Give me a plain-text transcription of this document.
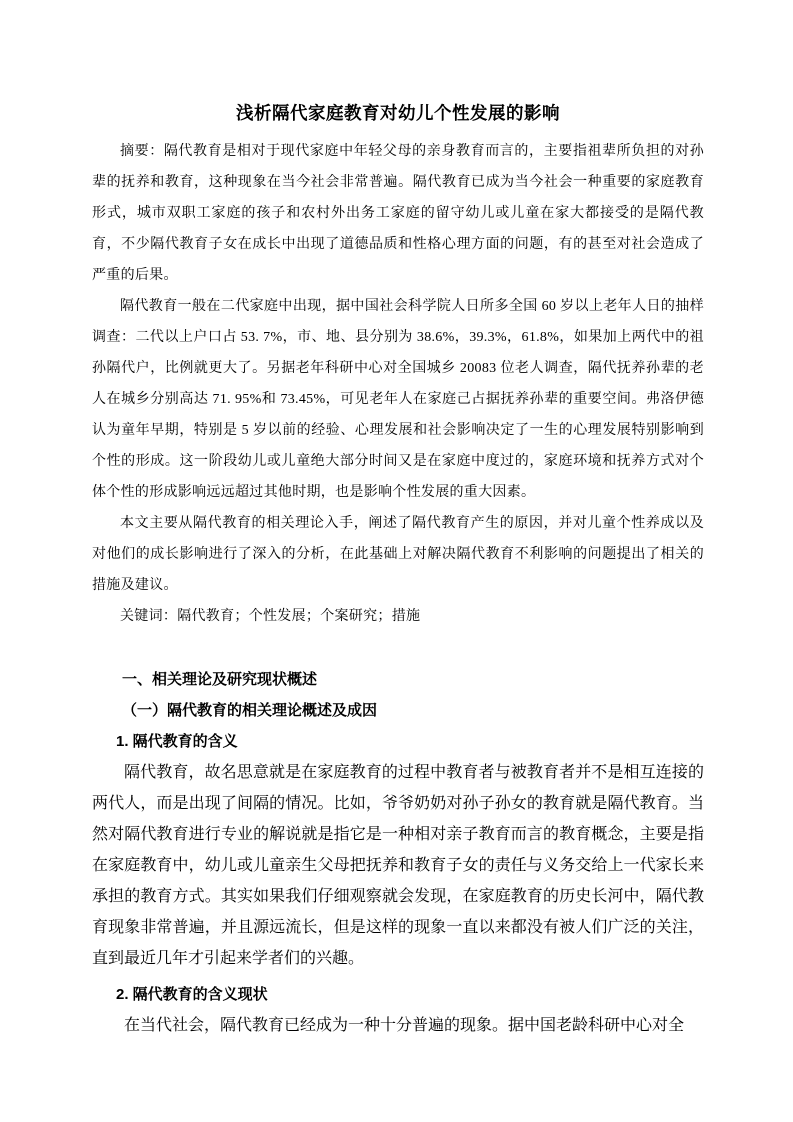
浅析隔代家庭教育对幼儿个性发展的影响

摘要：隔代教育是相对于现代家庭中年轻父母的亲身教育而言的，主要指祖辈所负担的对孙辈的抚养和教育，这种现象在当今社会非常普遍。隔代教育已成为当今社会一种重要的家庭教育形式，城市双职工家庭的孩子和农村外出务工家庭的留守幼儿或儿童在家大都接受的是隔代教育，不少隔代教育子女在成长中出现了道德品质和性格心理方面的问题，有的甚至对社会造成了严重的后果。

隔代教育一般在二代家庭中出现，据中国社会科学院人日所多全国 60 岁以上老年人日的抽样调查：二代以上户口占 53. 7%，市、地、县分别为 38.6%，39.3%，61.8%，如果加上两代中的祖孙隔代户，比例就更大了。另据老年科研中心对全国城乡 20083 位老人调查，隔代抚养孙辈的老人在城乡分别高达 71. 95%和 73.45%，可见老年人在家庭己占据抚养孙辈的重要空间。弗洛伊德认为童年早期，特别是 5 岁以前的经验、心理发展和社会影响决定了一生的心理发展特别影响到个性的形成。这一阶段幼儿或儿童绝大部分时间又是在家庭中度过的，家庭环境和抚养方式对个体个性的形成影响远远超过其他时期，也是影响个性发展的重大因素。

本文主要从隔代教育的相关理论入手，阐述了隔代教育产生的原因，并对儿童个性养成以及对他们的成长影响进行了深入的分析，在此基础上对解决隔代教育不利影响的问题提出了相关的措施及建议。

关键词：隔代教育；个性发展；个案研究；措施

一、相关理论及研究现状概述
（一）隔代教育的相关理论概述及成因
1. 隔代教育的含义

隔代教育，故名思意就是在家庭教育的过程中教育者与被教育者并不是相互连接的两代人，而是出现了间隔的情况。比如，爷爷奶奶对孙子孙女的教育就是隔代教育。当然对隔代教育进行专业的解说就是指它是一种相对亲子教育而言的教育概念，主要是指在家庭教育中，幼儿或儿童亲生父母把抚养和教育子女的责任与义务交给上一代家长来承担的教育方式。其实如果我们仔细观察就会发现，在家庭教育的历史长河中，隔代教育现象非常普遍，并且源远流长，但是这样的现象一直以来都没有被人们广泛的关注，直到最近几年才引起来学者们的兴趣。

2. 隔代教育的含义现状

在当代社会，隔代教育已经成为一种十分普遍的现象。据中国老龄科研中心对全
